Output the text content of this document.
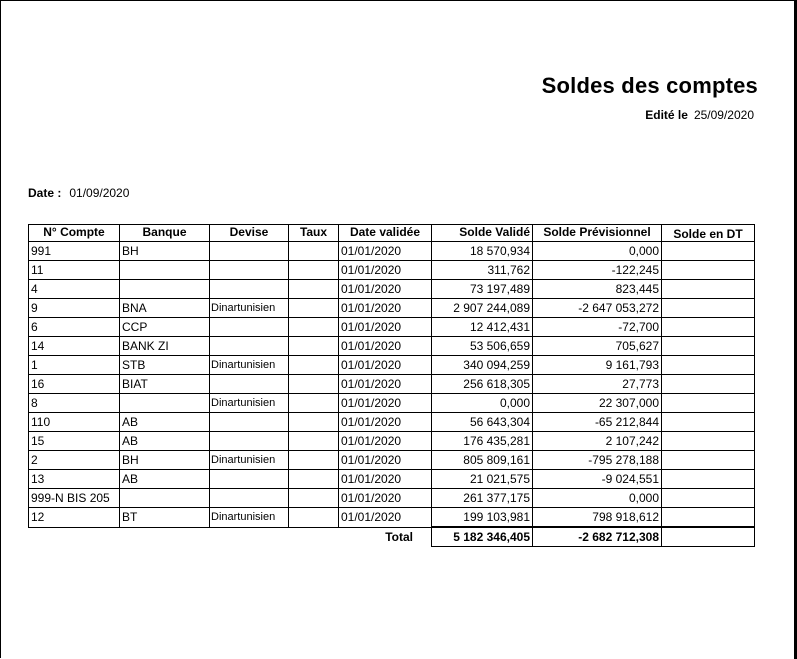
Soldes des comptes
Edité le 25/09/2020
Date : 01/09/2020
N° Compte	Banque	Devise	Taux	Date validée	Solde Validé	Solde Prévisionnel	Solde en DT
991	BH			01/01/2020	18 570,934	0,000	
11				01/01/2020	311,762	-122,245	
4				01/01/2020	73 197,489	823,445	
9	BNA	Dinartunisien		01/01/2020	2 907 244,089	-2 647 053,272	
6	CCP			01/01/2020	12 412,431	-72,700	
14	BANK ZI			01/01/2020	53 506,659	705,627	
1	STB	Dinartunisien		01/01/2020	340 094,259	9 161,793	
16	BIAT			01/01/2020	256 618,305	27,773	
8		Dinartunisien		01/01/2020	0,000	22 307,000	
110	AB			01/01/2020	56 643,304	-65 212,844	
15	AB			01/01/2020	176 435,281	2 107,242	
2	BH	Dinartunisien		01/01/2020	805 809,161	-795 278,188	
13	AB			01/01/2020	21 021,575	-9 024,551	
999-N BIS 205				01/01/2020	261 377,175	0,000	
12	BT	Dinartunisien		01/01/2020	199 103,981	798 918,612	
				Total	5 182 346,405	-2 682 712,308	
